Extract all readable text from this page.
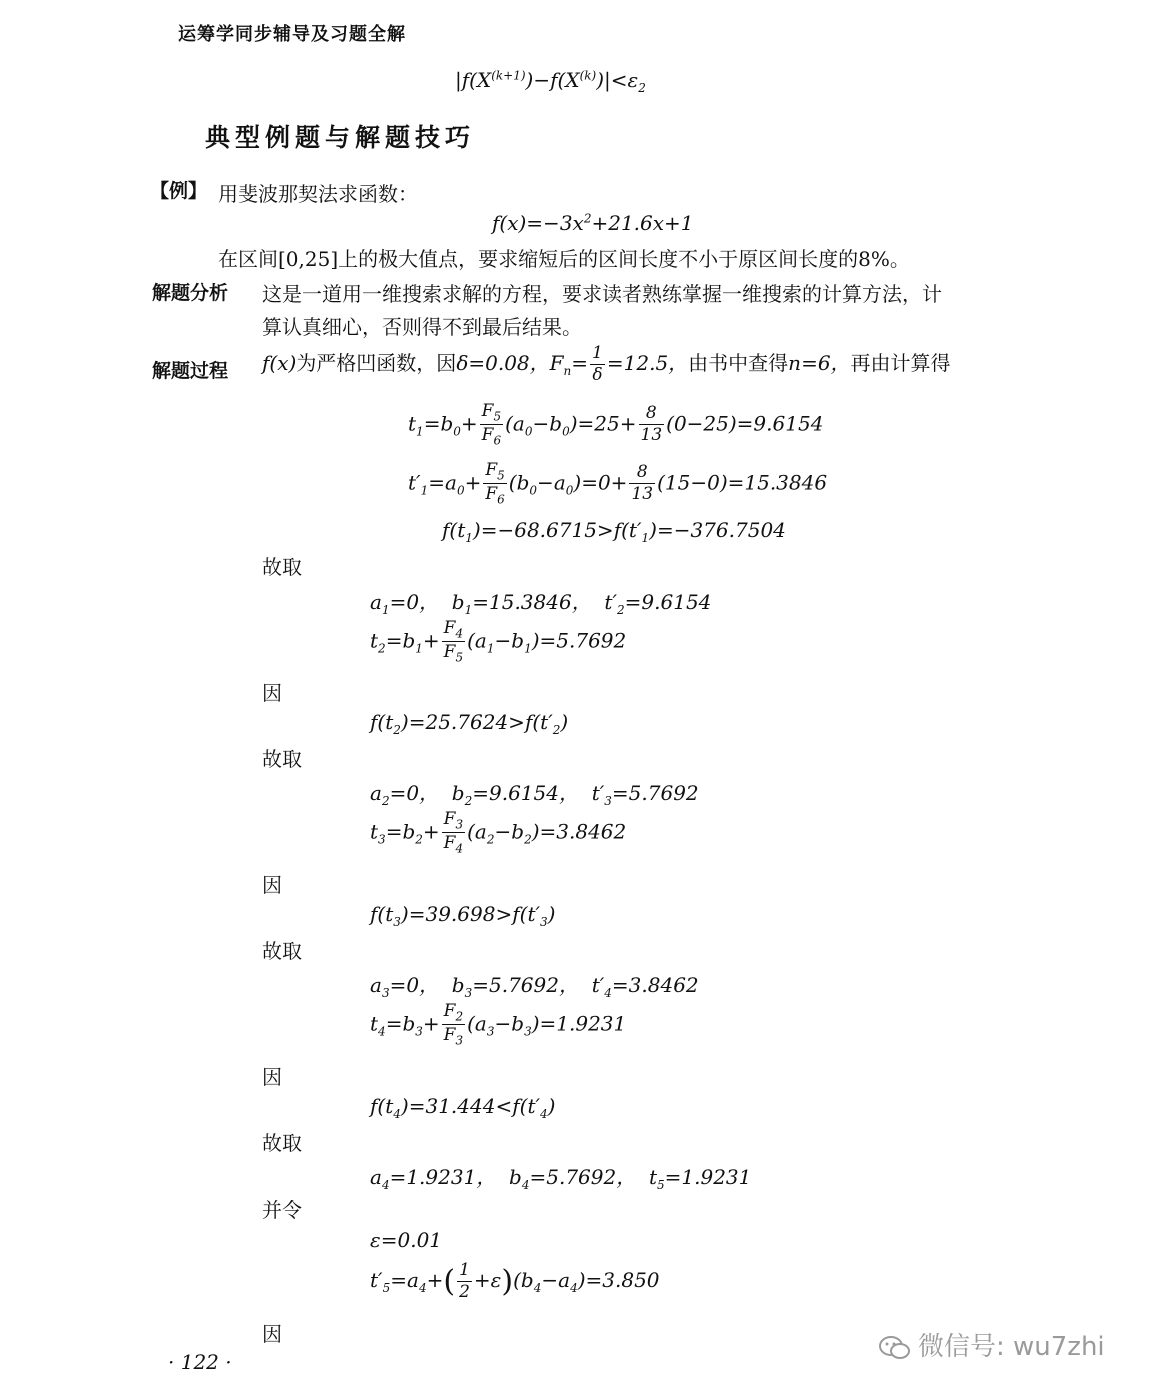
运筹学同步辅导及习题全解
$|f(X^{(k+1)})-f(X^{(k)})|<\varepsilon_2$
典型例题与解题技巧
【例】 用斐波那契法求函数：
$f(x)=-3x^2+21.6x+1$
在区间[0,25]上的极大值点，要求缩短后的区间长度不小于原区间长度的8%。
解题分析 这是一道用一维搜索求解的方程，要求读者熟练掌握一维搜索的计算方法，计
算认真细心，否则得不到最后结果。
解题过程 f(x)为严格凹函数，因δ=0.08，$F_n= \frac{1}{\delta} =12.5$，由书中查得n=6，再由计算得
$t_1=b_0+ \frac{F_5}{F_6} (a_0-b_0)=25+ \frac{8}{13} (0-25)=9.6154$
$t'_1=a_0+ \frac{F_5}{F_6} (b_0-a_0)=0+ \frac{8}{13} (15-0)=15.3846$
$f(t_1)=-68.6715>f(t'_1)=-376.7504$
故取
$a_1=0$，  $b_1=15.3846$，  $t'_2=9.6154$
$t_2=b_1+ \frac{F_4}{F_5} (a_1-b_1)=5.7692$
因
$f(t_2)=25.7624>f(t'_2)$
故取
$a_2=0$，  $b_2=9.6154$，  $t'_3=5.7692$
$t_3=b_2+ \frac{F_3}{F_4} (a_2-b_2)=3.8462$
因
$f(t_3)=39.698>f(t'_3)$
故取
$a_3=0$，  $b_3=5.7692$，  $t'_4=3.8462$
$t_4=b_3+ \frac{F_2}{F_3} (a_3-b_3)=1.9231$
因
$f(t_4)=31.444<f(t'_4)$
故取
$a_4=1.9231$，  $b_4=5.7692$，  $t_5=1.9231$
并令
ε=0.01
$t'_5=a_4+( \frac{1}{2} +\varepsilon)(b_4-a_4)=3.850$
因
· 122 ·	微信号: wu7zhi
